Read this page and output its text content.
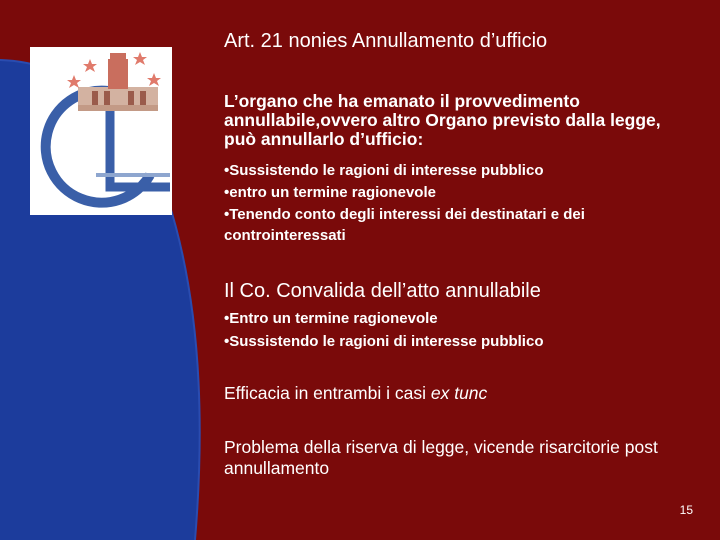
Art. 21 nonies Annullamento d’ufficio
L’organo che ha emanato il provvedimento annullabile,ovvero altro Organo previsto dalla legge, può annullarlo d’ufficio:
•Sussistendo le ragioni di interesse pubblico
•entro un termine ragionevole
•Tenendo conto degli interessi dei destinatari e dei controinteressati
Il Co. Convalida dell’atto annullabile
•Entro un termine ragionevole
•Sussistendo le ragioni di interesse pubblico
Efficacia in entrambi i casi ex tunc
Problema della riserva di legge, vicende risarcitorie post annullamento
15
